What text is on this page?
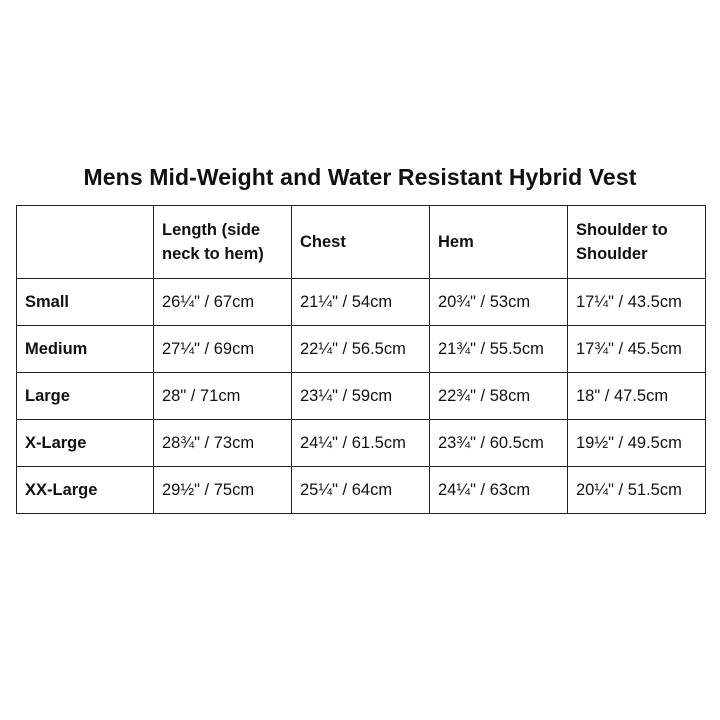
Mens Mid-Weight and Water Resistant Hybrid Vest
	Length (side neck to hem)	Chest	Hem	Shoulder to Shoulder
Small	26¼" / 67cm	21¼" / 54cm	20¾" / 53cm	17¼" / 43.5cm
Medium	27¼" / 69cm	22¼" / 56.5cm	21¾" / 55.5cm	17¾" / 45.5cm
Large	28" / 71cm	23¼" / 59cm	22¾" / 58cm	18" / 47.5cm
X-Large	28¾" / 73cm	24¼" / 61.5cm	23¾" / 60.5cm	19½" / 49.5cm
XX-Large	29½" / 75cm	25¼" / 64cm	24¼" / 63cm	20¼" / 51.5cm
